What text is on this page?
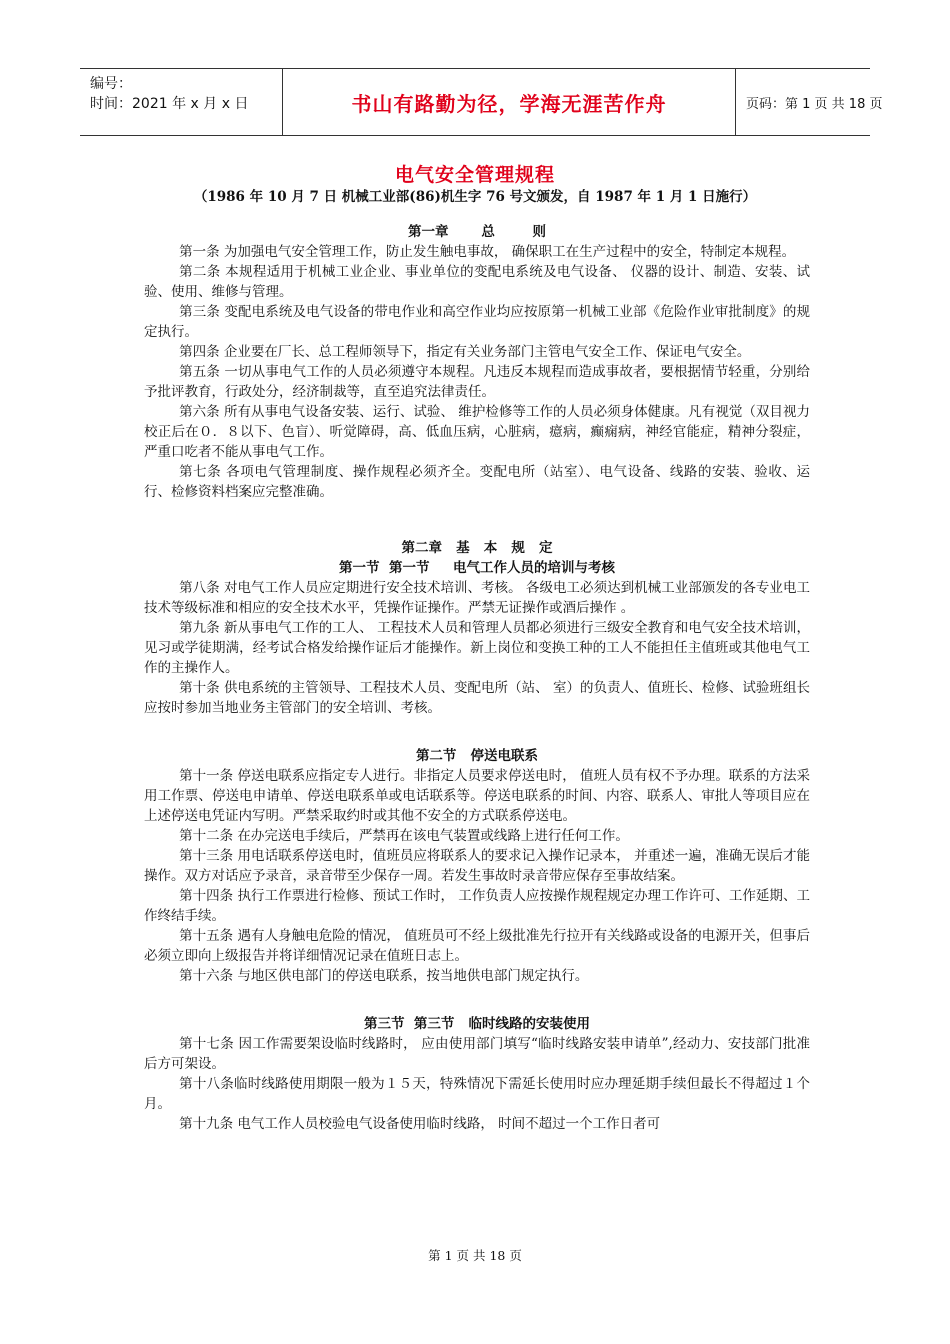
编号：
时间：2021 年 x 月 x 日	书山有路勤为径，学海无涯苦作舟	页码：第 1 页 共 18 页
电气安全管理规程

（1986 年 10 月 7 日 机械工业部(86)机生字 76 号文颁发，自 1987 年 1 月 1 日施行）

第一章       总        则

第一条 为加强电气安全管理工作，防止发生触电事故， 确保职工在生产过程中的安全，特制定本规程。

第二条 本规程适用于机械工业企业、事业单位的变配电系统及电气设备、 仪器的设计、制造、安装、试验、使用、维修与管理。

第三条 变配电系统及电气设备的带电作业和高空作业均应按原第一机械工业部《危险作业审批制度》的规定执行。

第四条 企业要在厂长、总工程师领导下，指定有关业务部门主管电气安全工作、保证电气安全。

第五条 一切从事电气工作的人员必须遵守本规程。凡违反本规程而造成事故者，要根据情节轻重，分别给予批评教育，行政处分，经济制裁等，直至追究法律责任。

第六条 所有从事电气设备安装、运行、试验、 维护检修等工作的人员必须身体健康。凡有视觉（双目视力校正后在０．８以下、色盲）、听觉障碍，高、低血压病，心脏病，癔病，癫痫病，神经官能症，精神分裂症，严重口吃者不能从事电气工作。

第七条 各项电气管理制度、操作规程必须齐全。变配电所（站室）、电气设备、线路的安装、验收、运行、检修资料档案应完整准确。

第二章   基   本   规   定

第一节  第一节     电气工作人员的培训与考核

第八条 对电气工作人员应定期进行安全技术培训、考核。 各级电工必须达到机械工业部颁发的各专业电工技术等级标准和相应的安全技术水平，凭操作证操作。严禁无证操作或酒后操作 。

第九条 新从事电气工作的工人、 工程技术人员和管理人员都必须进行三级安全教育和电气安全技术培训，见习或学徒期满，经考试合格发给操作证后才能操作。新上岗位和变换工种的工人不能担任主值班或其他电气工作的主操作人。

第十条 供电系统的主管领导、工程技术人员、变配电所（站、 室）的负责人、值班长、检修、试验班组长应按时参加当地业务主管部门的安全培训、考核。

第二节   停送电联系

第十一条 停送电联系应指定专人进行。非指定人员要求停送电时， 值班人员有权不予办理。联系的方法采用工作票、停送电申请单、停送电联系单或电话联系等。停送电联系的时间、内容、联系人、审批人等项目应在上述停送电凭证内写明。严禁采取约时或其他不安全的方式联系停送电。

第十二条 在办完送电手续后，严禁再在该电气装置或线路上进行任何工作。

第十三条 用电话联系停送电时，值班员应将联系人的要求记入操作记录本， 并重述一遍，准确无误后才能操作。双方对话应予录音，录音带至少保存一周。若发生事故时录音带应保存至事故结案。

第十四条 执行工作票进行检修、预试工作时， 工作负责人应按操作规程规定办理工作许可、工作延期、工作终结手续。

第十五条 遇有人身触电危险的情况， 值班员可不经上级批准先行拉开有关线路或设备的电源开关，但事后必须立即向上级报告并将详细情况记录在值班日志上。

第十六条 与地区供电部门的停送电联系，按当地供电部门规定执行。

第三节  第三节   临时线路的安装使用

第十七条 因工作需要架设临时线路时， 应由使用部门填写“临时线路安装申请单”,经动力、安技部门批准后方可架设。

第十八条临时线路使用期限一般为１５天，特殊情况下需延长使用时应办理延期手续但最长不得超过１个月。

第十九条 电气工作人员校验电气设备使用临时线路， 时间不超过一个工作日者可

第 1 页 共 18 页
